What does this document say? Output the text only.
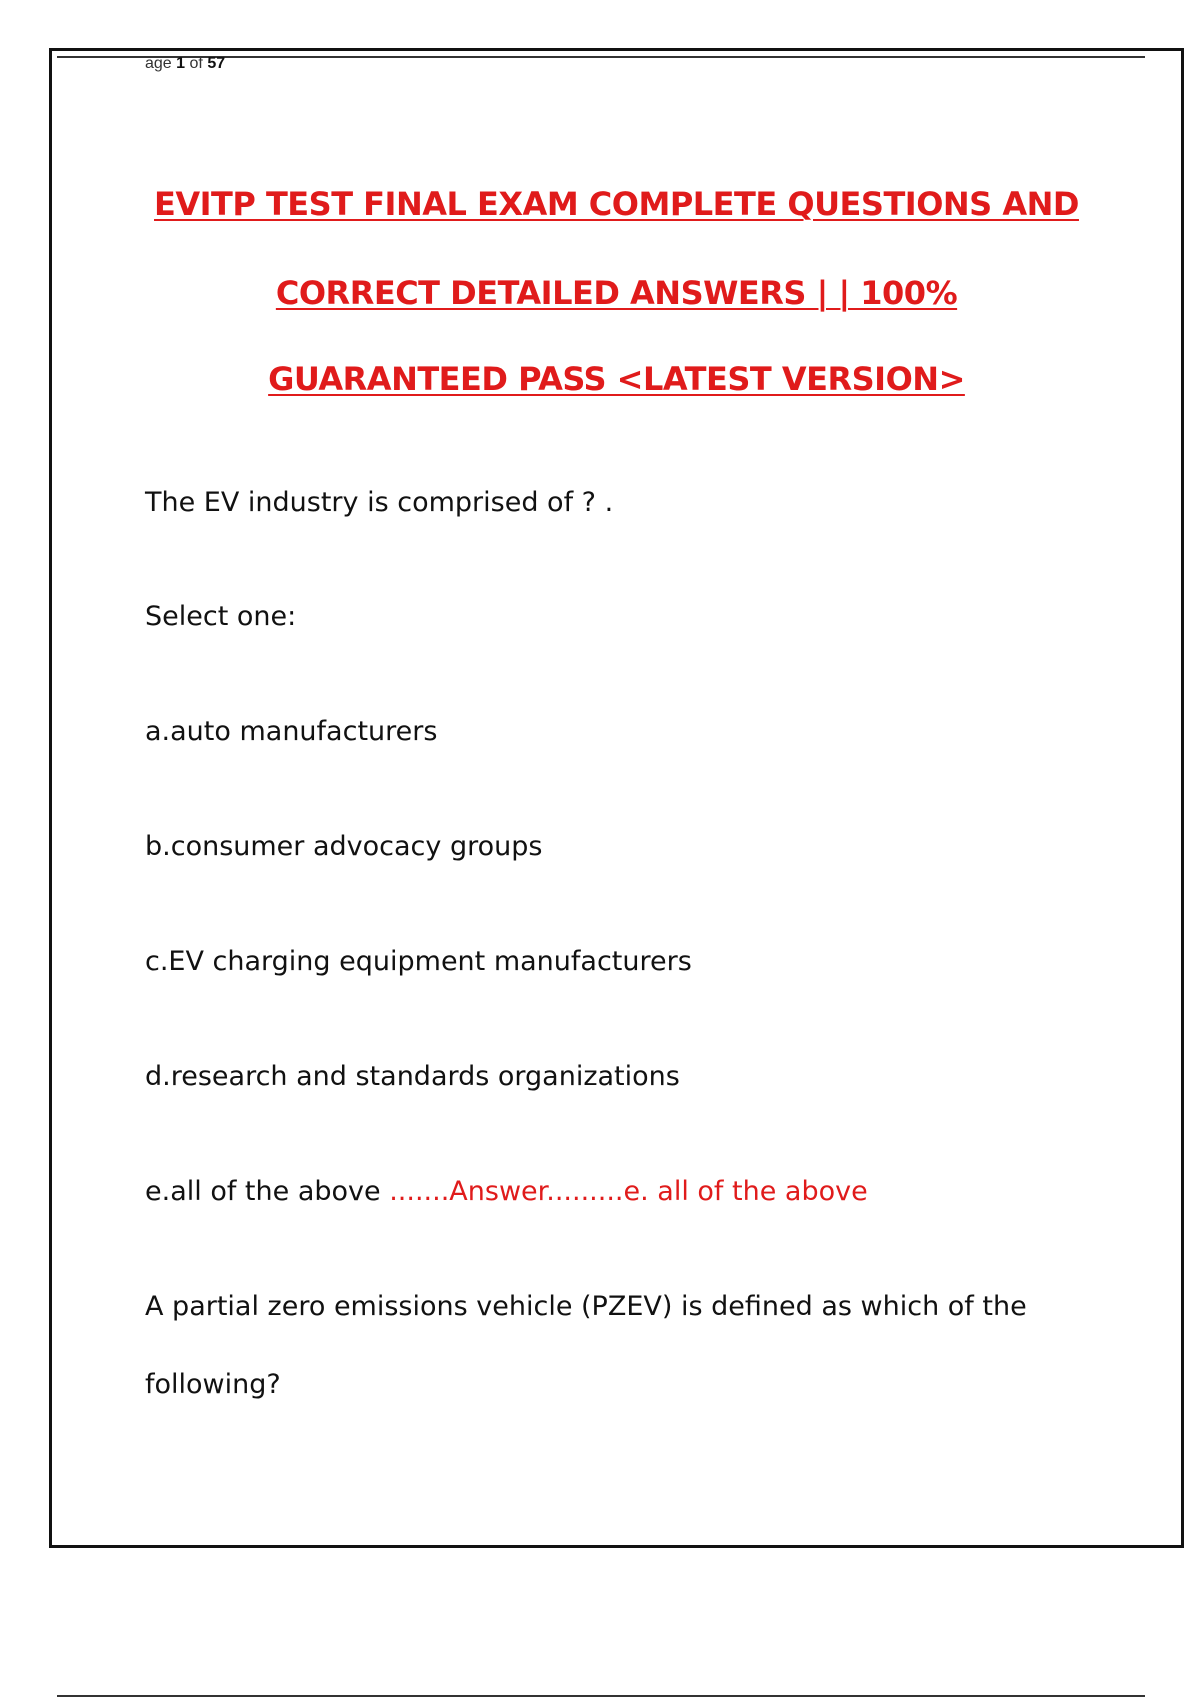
age 1 of 57
EVITP TEST FINAL EXAM COMPLETE QUESTIONS AND
CORRECT DETAILED ANSWERS | | 100%
GUARANTEED PASS <LATEST VERSION>
The EV industry is comprised of ? .
Select one:
a.auto manufacturers
b.consumer advocacy groups
c.EV charging equipment manufacturers
d.research and standards organizations
e.all of the above .......Answer.........e. all of the above
A partial zero emissions vehicle (PZEV) is defined as which of the
following?
